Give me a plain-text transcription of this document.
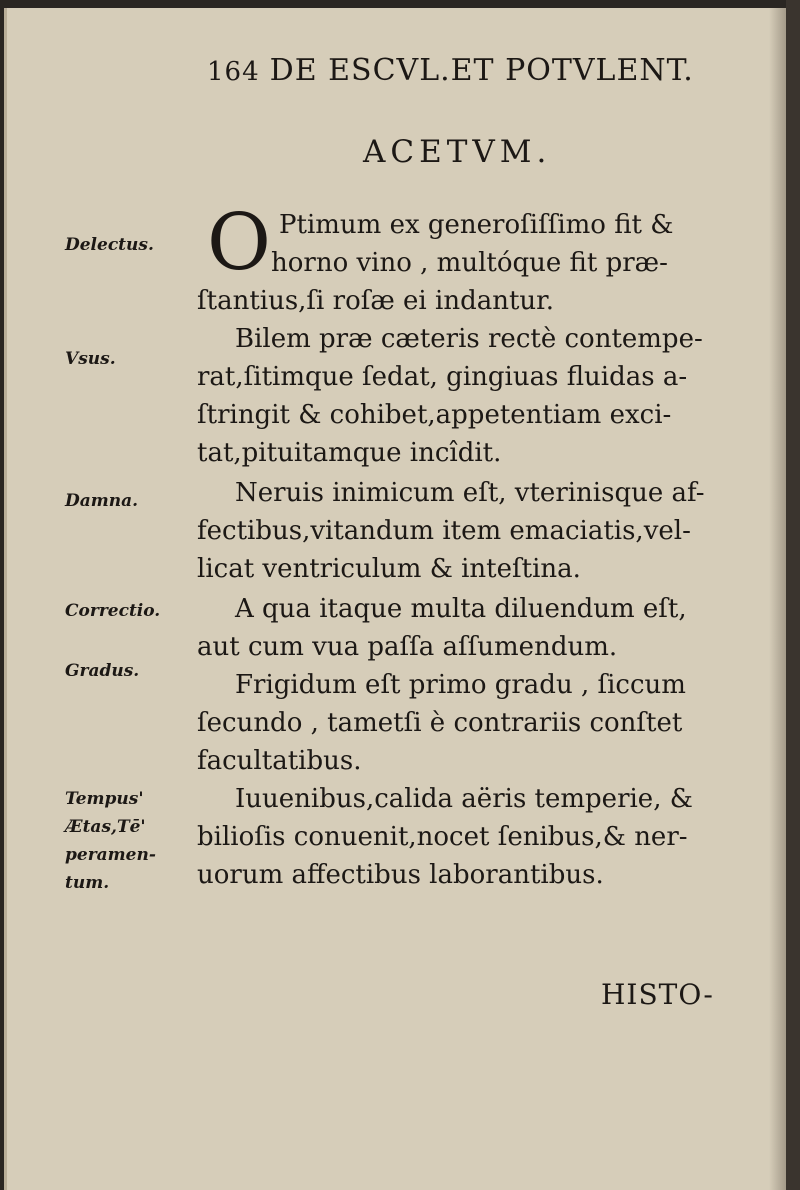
164 DE ESCVL.ET POTVLENT.
ACETVM.
Delectus.
Vsus.
Damna.
Correctio.
Gradus.
Tempus'
Ætas,Tē'
peramen-
tum.
O Ptimum ex generoſiſſimo fit &
horno vino , multóque fit præ-
ſtantius,ſi roſæ ei indantur.
Bilem præ cæteris rectè contempe-
rat,ſitimque ſedat, gingiuas fluidas a-
ſtringit & cohibet,appetentiam exci-
tat,pituitamque incîdit.
Neruis inimicum eſt, vterinisque af-
fectibus,vitandum item emaciatis,vel-
licat ventriculum & inteſtina.
A qua itaque multa diluendum eſt,
aut cum vua paſſa aſſumendum.
Frigidum eſt primo gradu , ſiccum
ſecundo , tametſi è contrariis conſtet
facultatibus.
Iuuenibus,calida aëris temperie, &
bilioſis conuenit,nocet ſenibus,& ner-
uorum affectibus laborantibus.
HISTO-
